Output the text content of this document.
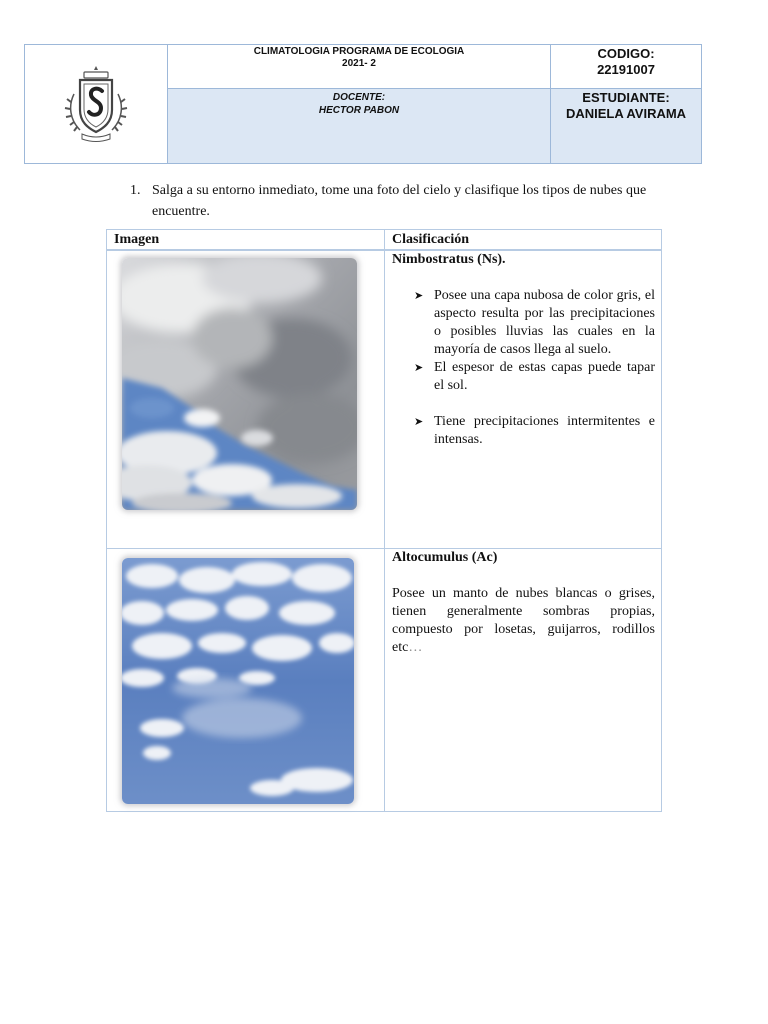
CLIMATOLOGIA PROGRAMA DE ECOLOGIA
2021- 2
CODIGO:
22191007
DOCENTE:
HECTOR PABON
ESTUDIANTE:
DANIELA AVIRAMA
1. Salga a su entorno inmediato, tome una foto del cielo y clasifique los tipos de nubes que encuentre.
Imagen	Clasificación
Nimbostratus (Ns).
➤ Posee una capa nubosa de color gris, el aspecto resulta por las precipitaciones o posibles lluvias las cuales en la mayoría de casos llega al suelo.
➤ El espesor de estas capas puede tapar el sol.
➤ Tiene precipitaciones intermitentes e intensas.
Altocumulus (Ac)
Posee un manto de nubes blancas o grises, tienen generalmente sombras propias, compuesto por losetas, guijarros, rodillos etc…
